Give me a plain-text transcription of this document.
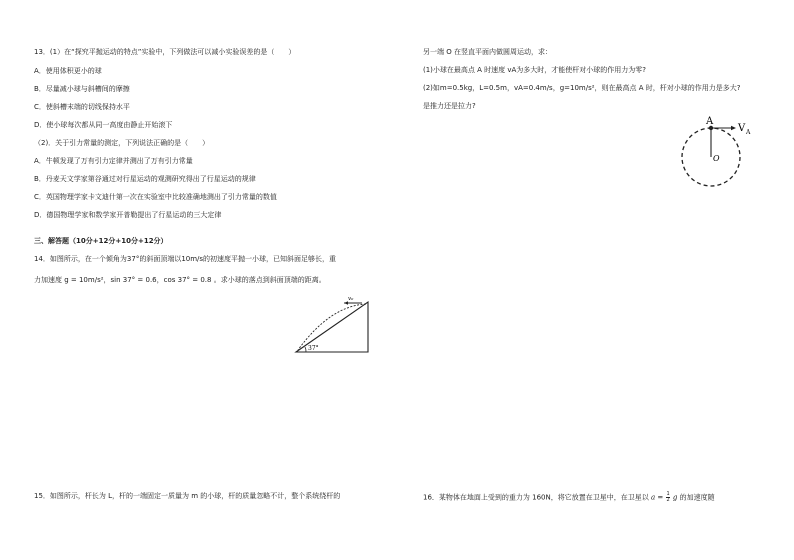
13．(1）在“探究平抛运动的特点”实验中，下列做法可以减小实验误差的是（　　）
A．使用体积更小的球
B．尽量减小球与斜槽间的摩擦
C．使斜槽末端的切线保持水平
D．使小球每次都从同一高度由静止开始滚下
（2)．关于引力常量的测定，下列说法正确的是（　　）
A．牛顿发现了万有引力定律并测出了万有引力常量
B．丹麦天文学家第谷通过对行星运动的观测研究得出了行星运动的规律
C．英国物理学家卡文迪什第一次在实验室中比较准确地测出了引力常量的数值
D．德国物理学家和数学家开普勒提出了行星运动的三大定律
三、解答题（10分+12分+10分+12分）
14．如图所示，在一个倾角为37°的斜面顶端以10m/s的初速度平抛一小球，已知斜面足够长，重
力加速度 g = 10m/s²，sin 37° = 0.6，cos 37° = 0.8 。求小球的落点到斜面顶端的距离。
v₀
37°
15．如图所示，杆长为 L，杆的一端固定一质量为 m 的小球，杆的质量忽略不计，整个系统绕杆的
另一端 O 在竖直平面内做圆周运动，求：
(1)小球在最高点 A 时速度 vA为多大时，才能使杆对小球的作用力为零?
(2)如m=0.5kg，L=0.5m，vA=0.4m/s，g=10m/s²，则在最高点 A 时，杆对小球的作用力是多大?
是推力还是拉力?
A
V A
O
16．某物体在地面上受到的重力为 160N，将它放置在卫星中，在卫星以 $a = \frac{1}{2}$ g 的加速度随
